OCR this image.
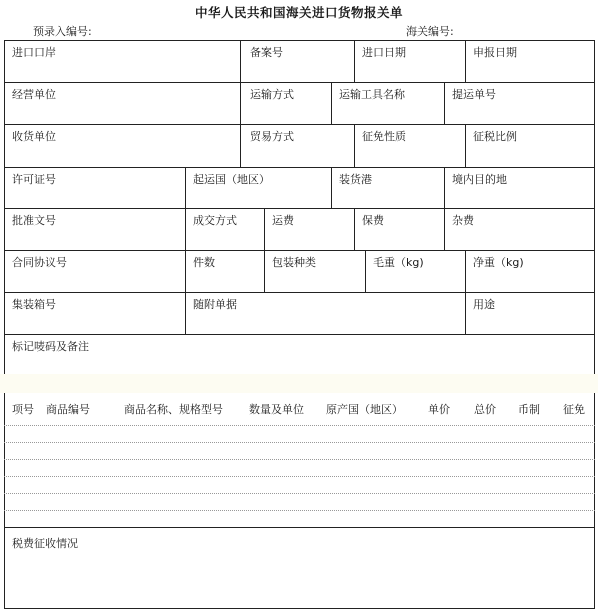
中华人民共和国海关进口货物报关单
预录入编号:	海关编号:
进口口岸	备案号	进口日期	申报日期
经营单位	运输方式	运输工具名称	提运单号
收货单位	贸易方式	征免性质	征税比例
许可证号	起运国（地区）	装货港	境内目的地
批准文号	成交方式	运费	保费	杂费
合同协议号	件数	包装种类	毛重（kg)	净重（kg)
集装箱号	随附单据	用途
标记唛码及备注
项号 商品编号	商品名称、规格型号 数量及单位 原产国（地区） 单价 总价 币制 征免
税费征收情况
